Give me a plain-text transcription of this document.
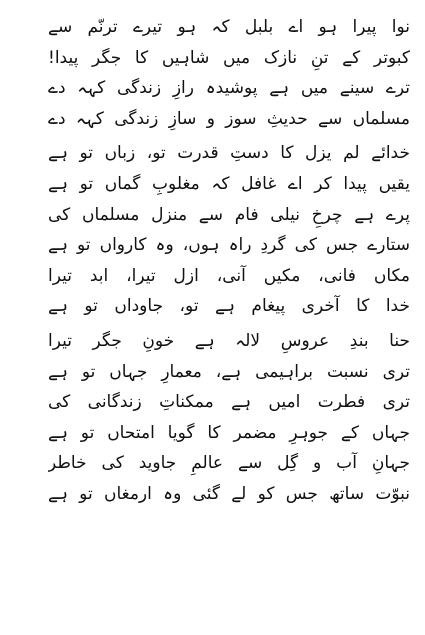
نوا پیرا ہو اے بلبل کہ ہو تیرے ترنّم سے
کبوتر کے تنِ نازک میں شاہیں کا جگر پیدا!
ترے سینے میں ہے پوشیدہ رازِ زندگی کہہ دے
مسلماں سے حدیثِ سوز و سازِ زندگی کہہ دے
خدائے لم یزل کا دستِ قدرت تو، زباں تو ہے
یقیں پیدا کر اے غافل کہ مغلوبِ گماں تو ہے
پرے ہے چرخِ نیلی فام سے منزل مسلماں کی
ستارے جس کی گردِ راہ ہوں، وہ کارواں تو ہے
مکاں فانی، مکیں آنی، ازل تیرا، ابد تیرا
خدا کا آخری پیغام ہے تو، جاوداں تو ہے
حنا بندِ عروسِ لالہ ہے خونِ جگر تیرا
تری نسبت براہیمی ہے، معمارِ جہاں تو ہے
تری فطرت امیں ہے ممکناتِ زندگانی کی
جہاں کے جوہرِ مضمر کا گویا امتحاں تو ہے
جہانِ آب و گِل سے عالمِ جاوید کی خاطر
نبوّت ساتھ جس کو لے گئی وہ ارمغاں تو ہے
